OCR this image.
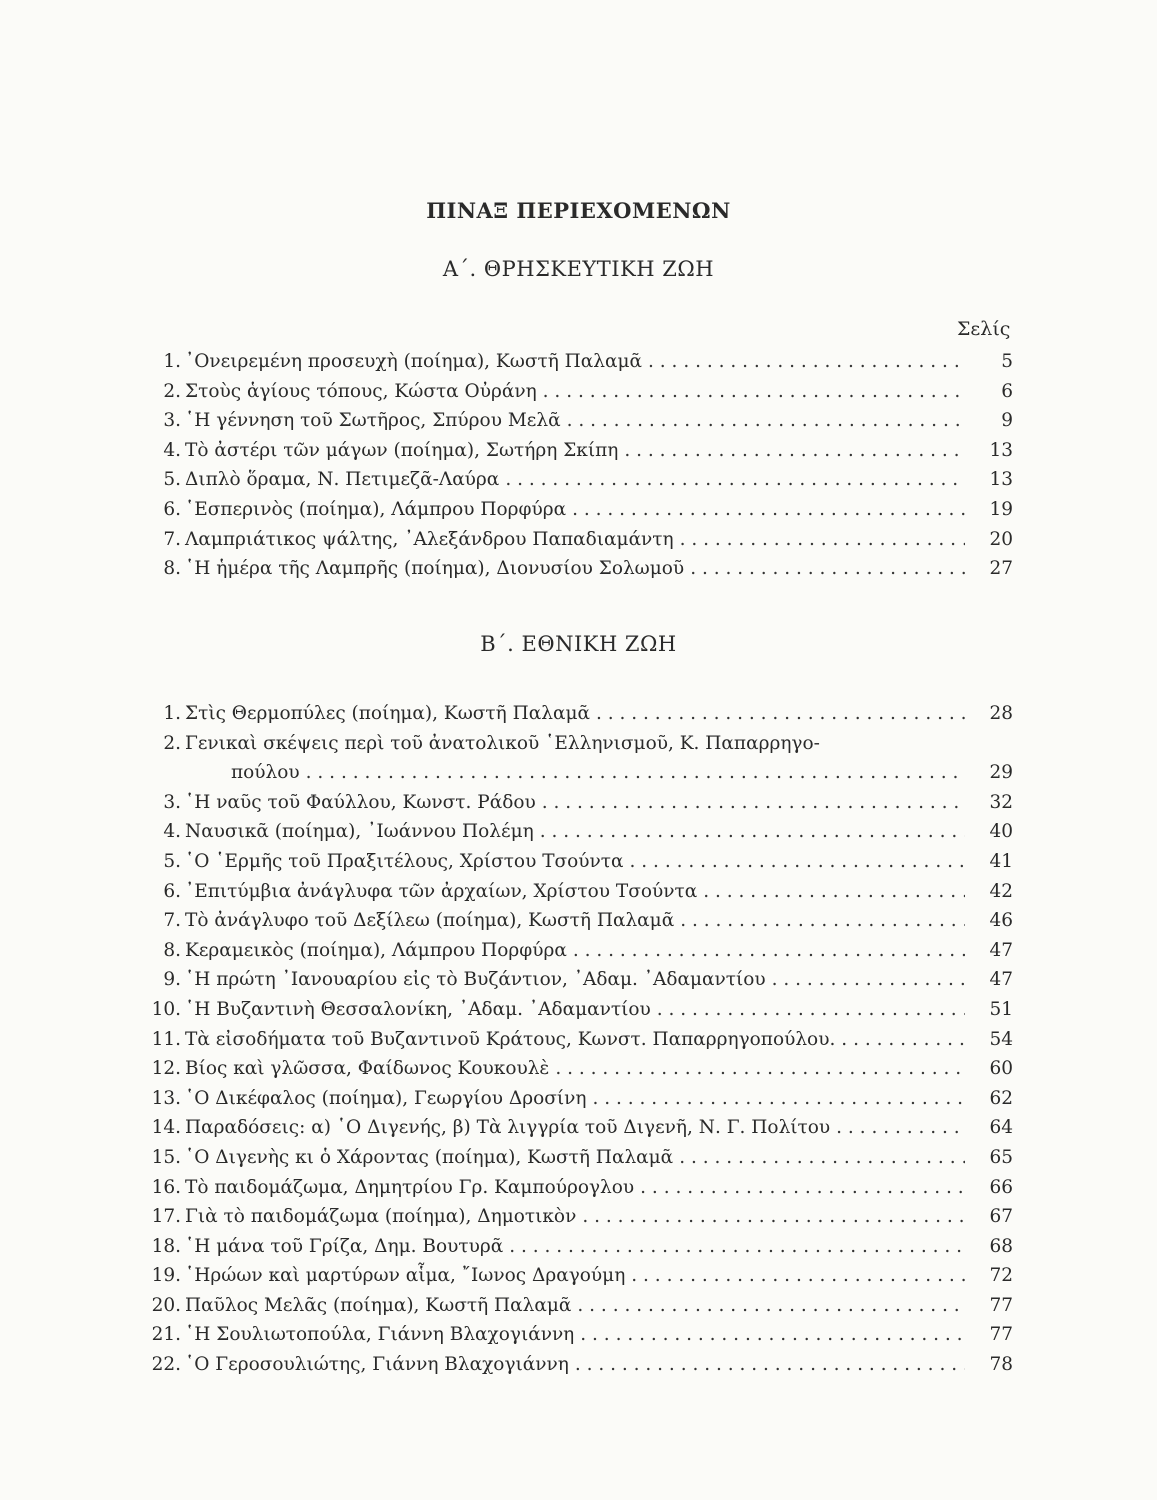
ΠΙΝΑΞ ΠΕΡΙΕΧΟΜΕΝΩΝ
Α΄. ΘΡΗΣΚΕΥΤΙΚΗ ΖΩΗ
Σελίς
1. ᾿Ονειρεμένη προσευχὴ (ποίημα), Κωστῆ Παλαμᾶ . . .	5
2. Στοὺς ἁγίους τόπους, Κώστα Οὐράνη . . .	6
3. ῾Η γέννηση τοῦ Σωτῆρος, Σπύρου Μελᾶ . . .	9
4. Τὸ ἀστέρι τῶν μάγων (ποίημα), Σωτήρη Σκίπη . . .	13
5. Διπλὸ ὅραμα, Ν. Πετιμεζᾶ-Λαύρα . . .	13
6. ῾Εσπερινὸς (ποίημα), Λάμπρου Πορφύρα . . .	19
7. Λαμπριάτικος ψάλτης, ᾿Αλεξάνδρου Παπαδιαμάντη . . .	20
8. ῾Η ἡμέρα τῆς Λαμπρῆς (ποίημα), Διονυσίου Σολωμοῦ . . .	27
Β΄. ΕΘΝΙΚΗ ΖΩΗ
1. Στὶς Θερμοπύλες (ποίημα), Κωστῆ Παλαμᾶ . . .	28
2. Γενικαὶ σκέψεις περὶ τοῦ ἀνατολικοῦ ῾Ελληνισμοῦ, Κ. Παπαρρηγο-
πούλου . . .	29
3. ῾Η ναῦς τοῦ Φαύλλου, Κωνστ. Ράδου . . .	32
4. Ναυσικᾶ (ποίημα), ᾿Ιωάννου Πολέμη . . .	40
5. ῾Ο ῾Ερμῆς τοῦ Πραξιτέλους, Χρίστου Τσούντα . . .	41
6. ᾿Επιτύμβια ἀνάγλυφα τῶν ἀρχαίων, Χρίστου Τσούντα . . .	42
7. Τὸ ἀνάγλυφο τοῦ Δεξίλεω (ποίημα), Κωστῆ Παλαμᾶ . . .	46
8. Κεραμεικὸς (ποίημα), Λάμπρου Πορφύρα . . .	47
9. ῾Η πρώτη ᾿Ιανουαρίου εἰς τὸ Βυζάντιον, ᾿Αδαμ. ᾿Αδαμαντίου . . .	47
10. ῾Η Βυζαντινὴ Θεσσαλονίκη, ᾿Αδαμ. ᾿Αδαμαντίου . . .	51
11. Τὰ εἰσοδήματα τοῦ Βυζαντινοῦ Κράτους, Κωνστ. Παπαρρηγοπούλου. . . . .	54
12. Βίος καὶ γλῶσσα, Φαίδωνος Κουκουλὲ . . .	60
13. ῾Ο Δικέφαλος (ποίημα), Γεωργίου Δροσίνη . . .	62
14. Παραδόσεις: α) ῾Ο Διγενής, β) Τὰ λιγγρία τοῦ Διγενῆ, Ν. Γ. Πολίτου . . .	64
15. ῾Ο Διγενὴς κι ὁ Χάροντας (ποίημα), Κωστῆ Παλαμᾶ . . .	65
16. Τὸ παιδομάζωμα, Δημητρίου Γρ. Καμπούρογλου . . .	66
17. Γιὰ τὸ παιδομάζωμα (ποίημα), Δημοτικὸν . . .	67
18. ῾Η μάνα τοῦ Γρίζα, Δημ. Βουτυρᾶ . . .	68
19. ῾Ηρώων καὶ μαρτύρων αἷμα, ῎Ιωνος Δραγούμη . . .	72
20. Παῦλος Μελᾶς (ποίημα), Κωστῆ Παλαμᾶ . . .	77
21. ῾Η Σουλιωτοπούλα, Γιάννη Βλαχογιάννη . . .	77
22. ῾Ο Γεροσουλιώτης, Γιάννη Βλαχογιάννη . . .	78
